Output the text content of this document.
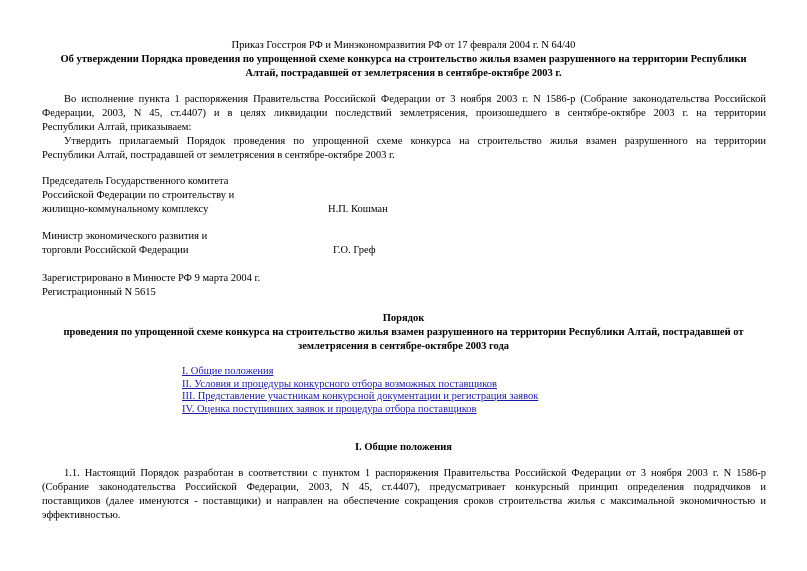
Приказ Госстроя РФ и Минэкономразвития РФ от 17 февраля 2004 г. N 64/40
Об утверждении Порядка проведения по упрощенной схеме конкурса на строительство жилья взамен разрушенного на территории Республики
Алтай, пострадавшей от землетрясения в сентябре-октябре 2003 г.

Во исполнение пункта 1 распоряжения Правительства Российской Федерации от 3 ноября 2003 г. N 1586-р (Собрание законодательства Российской

Федерации, 2003, N 45, ст.4407) и в целях ликвидации последствий землетрясения, произошедшего в сентябре-октябре 2003 г. на территории

Республики Алтай, приказываем:

Утвердить прилагаемый Порядок проведения по упрощенной схеме конкурса на строительство жилья взамен разрушенного на территории

Республики Алтай, пострадавшей от землетрясения в сентябре-октябре 2003 г.

Председатель Государственного комитета
Российской Федерации по строительству и
жилищно-коммунальному комплексу	Н.П. Кошман
Министр экономического развития и
торговли Российской Федерации	Г.О. Греф
Зарегистрировано в Минюсте РФ 9 марта 2004 г.
Регистрационный N 5615
Порядок
проведения по упрощенной схеме конкурса на строительство жилья взамен разрушенного на территории Республики Алтай, пострадавшей от
землетрясения в сентябре-октябре 2003 года
I. Общие положения
II. Условия и процедуры конкурсного отбора возможных поставщиков
III. Представление участникам конкурсной документации и регистрация заявок
IV. Оценка поступивших заявок и процедура отбора поставщиков
I. Общие положения

1.1. Настоящий Порядок разработан в соответствии с пунктом 1 распоряжения Правительства Российской Федерации от 3 ноября 2003 г. N 1586-р

(Собрание законодательства Российской Федерации, 2003, N 45, ст.4407), предусматривает конкурсный принцип определения подрядчиков и

поставщиков (далее именуются - поставщики) и направлен на обеспечение сокращения сроков строительства жилья с максимальной экономичностью и

эффективностью.
